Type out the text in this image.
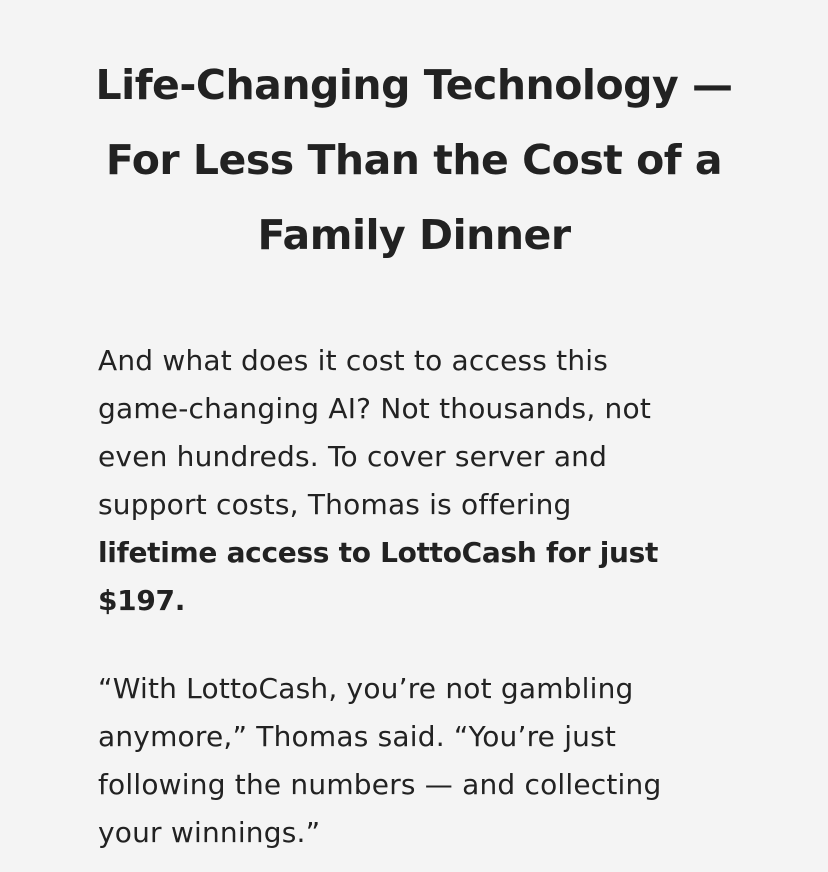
Life-Changing Technology —
For Less Than the Cost of a
Family Dinner

And what does it cost to access this
game-changing AI? Not thousands, not
even hundreds. To cover server and
support costs, Thomas is offering
lifetime access to LottoCash for just
$197.

“With LottoCash, you’re not gambling
anymore,” Thomas said. “You’re just
following the numbers — and collecting
your winnings.”
